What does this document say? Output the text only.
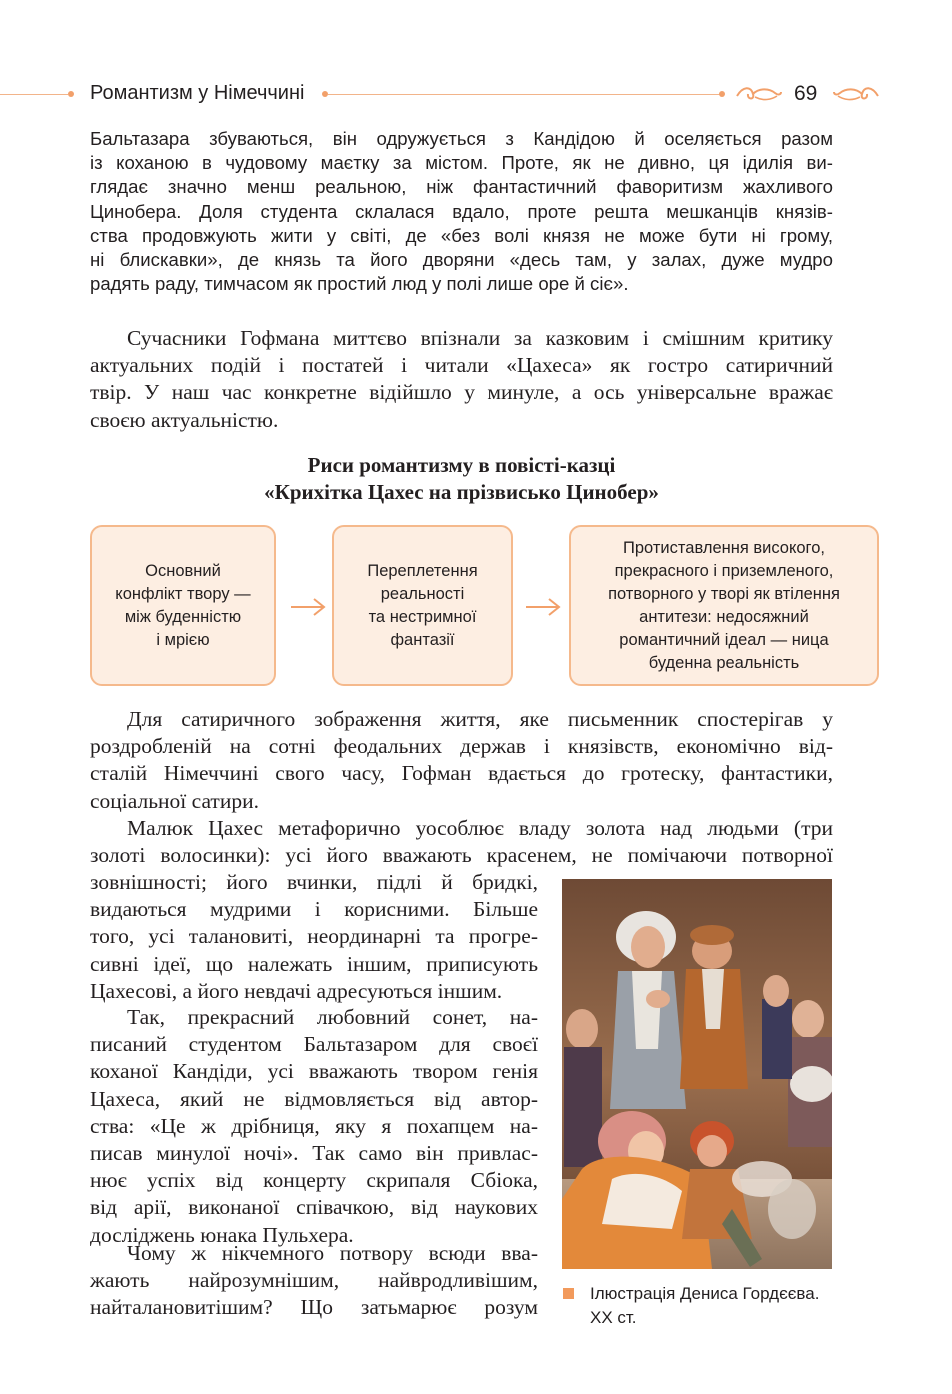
Романтизм у Німеччині	69
Бальтазара збуваються, він одружується з Кандідою й оселяється разом
із коханою в чудовому маєтку за містом. Проте, як не дивно, ця ідилія ви-
глядає значно менш реальною, ніж фантастичний фаворитизм жахливого
Цинобера. Доля студента склалася вдало, проте решта мешканців князів-
ства продовжують жити у світі, де «без волі князя не може бути ні грому,
ні блискавки», де князь та його дворяни «десь там, у залах, дуже мудро
радять раду, тимчасом як простий люд у полі лише оре й сіє».
Сучасники Гофмана миттєво впізнали за казковим і смішним критику
актуальних подій і постатей і читали «Цахеса» як гостро сатиричний
твір. У наш час конкретне відійшло у минуле, а ось універсальне вражає
своєю актуальністю.
Риси романтизму в повісті-казці
«Крихітка Цахес на прізвисько Цинобер»
Основний
конфлікт твору —
між буденністю
і мрією
Переплетення
реальності
та нестримної
фантазії
Протиставлення високого,
прекрасного і приземленого,
потворного у творі як втілення
антитези: недосяжний
романтичний ідеал — ница
буденна реальність
Для сатиричного зображення життя, яке письменник спостерігав у
роздробленій на сотні феодальних держав і князівств, економічно від-
сталій Німеччині свого часу, Гофман вдається до гротеску, фантастики,
соціальної сатири.
Малюк Цахес метафорично уособлює владу золота над людьми (три
золоті волосинки): усі його вважають красенем, не помічаючи потворної
зовнішності; його вчинки, підлі й бридкі,
видаються мудрими і корисними. Більше
того, усі талановиті, неординарні та прогре-
сивні ідеї, що належать іншим, приписують
Цахесові, а його невдачі адресуються іншим.
Так, прекрасний любовний сонет, на-
писаний студентом Бальтазаром для своєї
коханої Кандіди, усі вважають твором генія
Цахеса, який не відмовляється від автор-
ства: «Це ж дрібниця, яку я похапцем на-
писав минулої ночі». Так само він привлас-
нює успіх від концерту скрипаля Сбіока,
від арії, виконаної співачкою, від наукових
досліджень юнака Пульхера.
Чому ж нікчемного потвору всюди вва-
жають найрозумнішим, найвродливішим,
найталановитішим? Що затьмарює розум
Ілюстрація Дениса Гордєєва.
ХХ ст.
